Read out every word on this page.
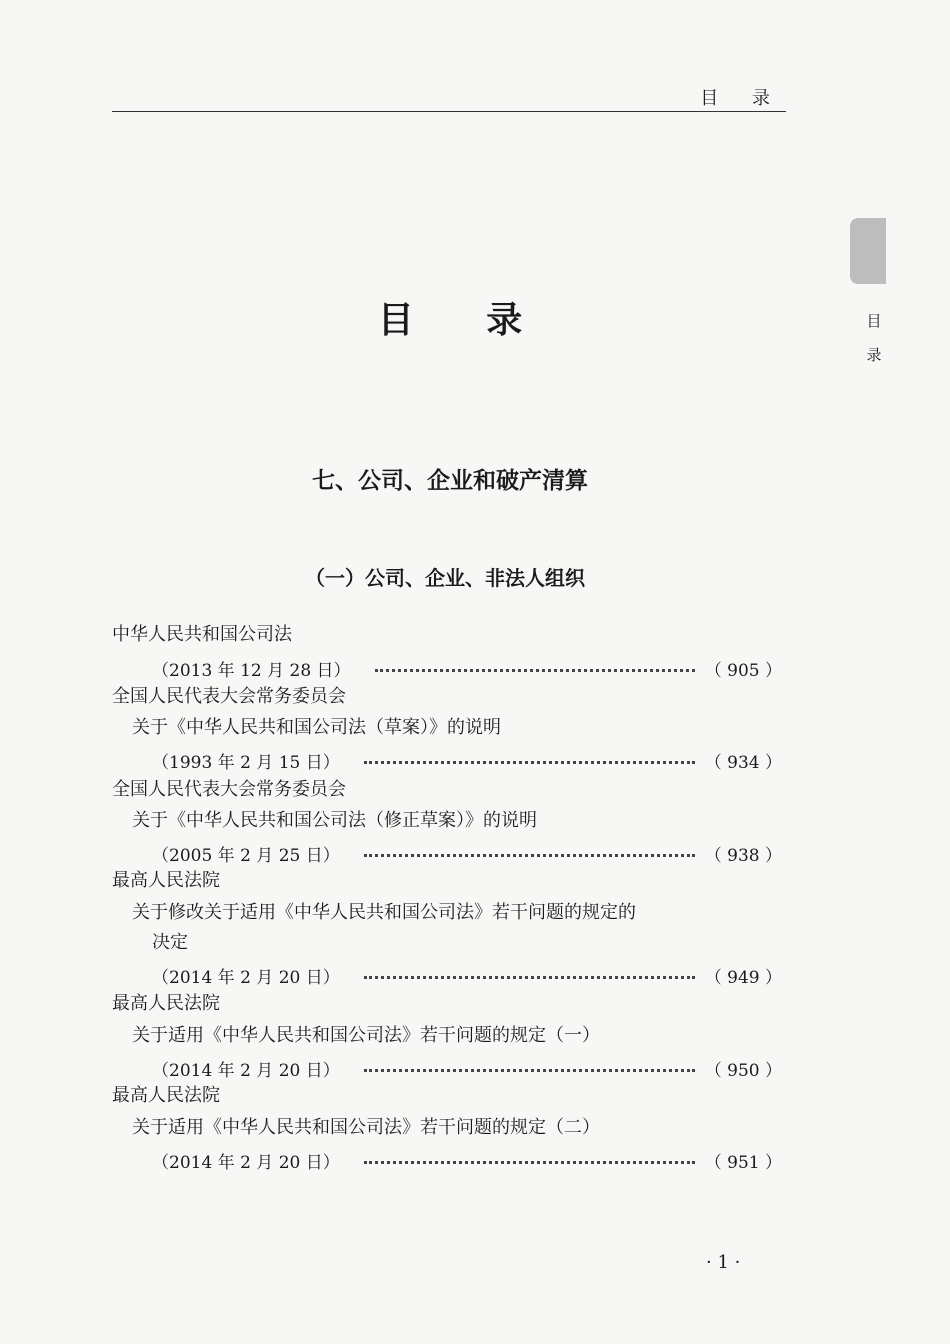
目 录
目
录
目 录
七、公司、企业和破产清算
（一）公司、企业、非法人组织
中华人民共和国公司法
（2013 年 12 月 28 日）	（ 905 ）
全国人民代表大会常务委员会
关于《中华人民共和国公司法（草案）》的说明
（1993 年 2 月 15 日）	（ 934 ）
全国人民代表大会常务委员会
关于《中华人民共和国公司法（修正草案）》的说明
（2005 年 2 月 25 日）	（ 938 ）
最高人民法院
关于修改关于适用《中华人民共和国公司法》若干问题的规定的
决定
（2014 年 2 月 20 日）	（ 949 ）
最高人民法院
关于适用《中华人民共和国公司法》若干问题的规定（一）
（2014 年 2 月 20 日）	（ 950 ）
最高人民法院
关于适用《中华人民共和国公司法》若干问题的规定（二）
（2014 年 2 月 20 日）	（ 951 ）
· 1 ·
